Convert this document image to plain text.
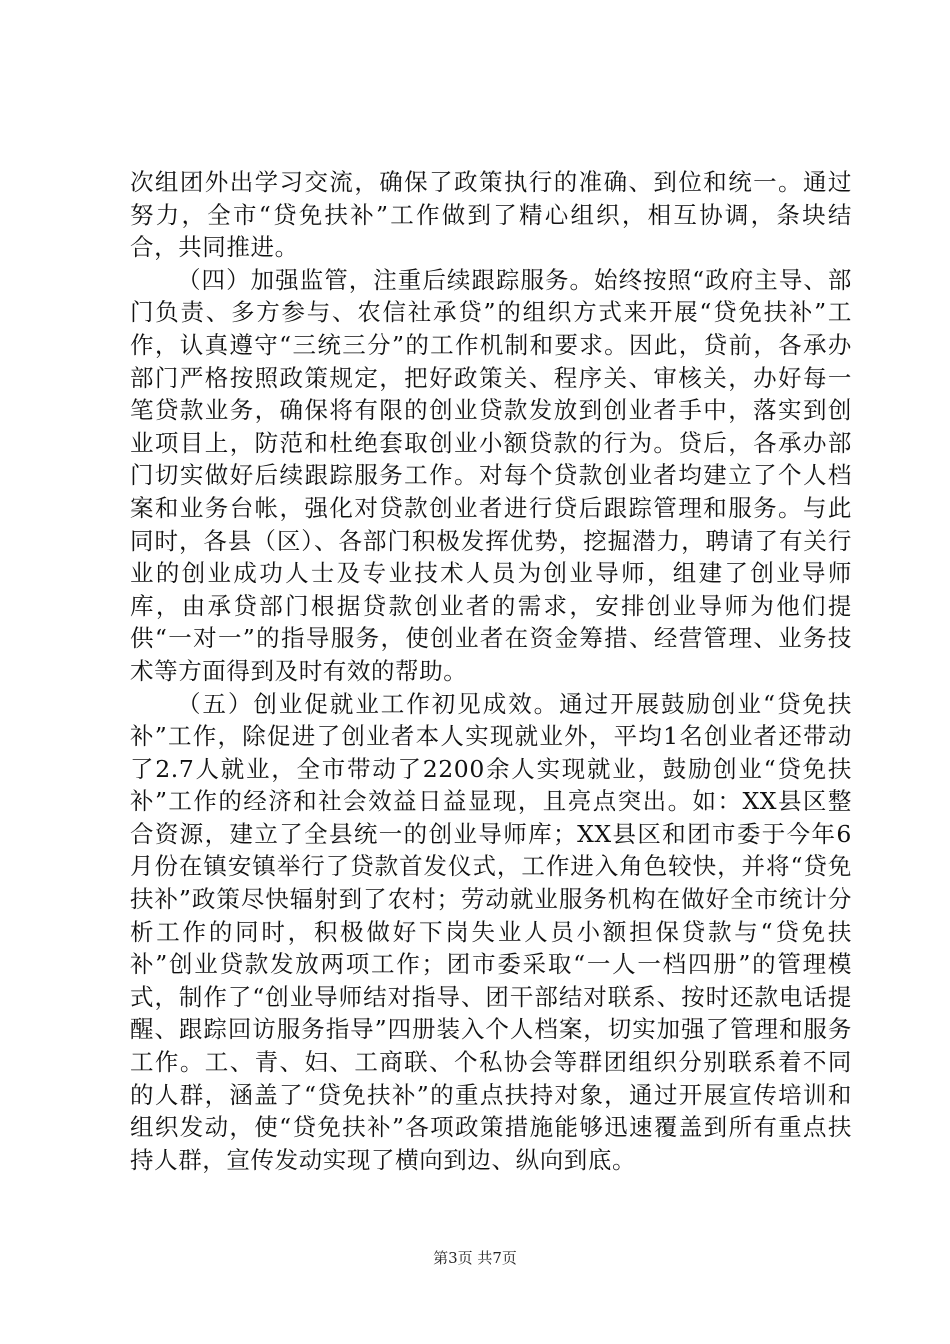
次组团外出学习交流，确保了政策执行的准确、到位和统一。通过努力，全市“贷免扶补”工作做到了精心组织，相互协调，条块结合，共同推进。

（四）加强监管，注重后续跟踪服务。始终按照“政府主导、部门负责、多方参与、农信社承贷”的组织方式来开展“贷免扶补”工作，认真遵守“三统三分”的工作机制和要求。因此，贷前，各承办部门严格按照政策规定，把好政策关、程序关、审核关，办好每一笔贷款业务，确保将有限的创业贷款发放到创业者手中，落实到创业项目上，防范和杜绝套取创业小额贷款的行为。贷后，各承办部门切实做好后续跟踪服务工作。对每个贷款创业者均建立了个人档案和业务台帐，强化对贷款创业者进行贷后跟踪管理和服务。与此同时，各县（区）、各部门积极发挥优势，挖掘潜力，聘请了有关行业的创业成功人士及专业技术人员为创业导师，组建了创业导师库，由承贷部门根据贷款创业者的需求，安排创业导师为他们提供“一对一”的指导服务，使创业者在资金筹措、经营管理、业务技术等方面得到及时有效的帮助。

（五）创业促就业工作初见成效。通过开展鼓励创业“贷免扶补”工作，除促进了创业者本人实现就业外，平均1名创业者还带动了2.7人就业，全市带动了2200余人实现就业，鼓励创业“贷免扶补”工作的经济和社会效益日益显现，且亮点突出。如：XX县区整合资源，建立了全县统一的创业导师库；XX县区和团市委于今年6月份在镇安镇举行了贷款首发仪式，工作进入角色较快，并将“贷免扶补”政策尽快辐射到了农村；劳动就业服务机构在做好全市统计分析工作的同时，积极做好下岗失业人员小额担保贷款与“贷免扶补”创业贷款发放两项工作；团市委采取“一人一档四册”的管理模式，制作了“创业导师结对指导、团干部结对联系、按时还款电话提醒、跟踪回访服务指导”四册装入个人档案，切实加强了管理和服务工作。工、青、妇、工商联、个私协会等群团组织分别联系着不同的人群，涵盖了“贷免扶补”的重点扶持对象，通过开展宣传培训和组织发动，使“贷免扶补”各项政策措施能够迅速覆盖到所有重点扶持人群，宣传发动实现了横向到边、纵向到底。

第3页 共7页
